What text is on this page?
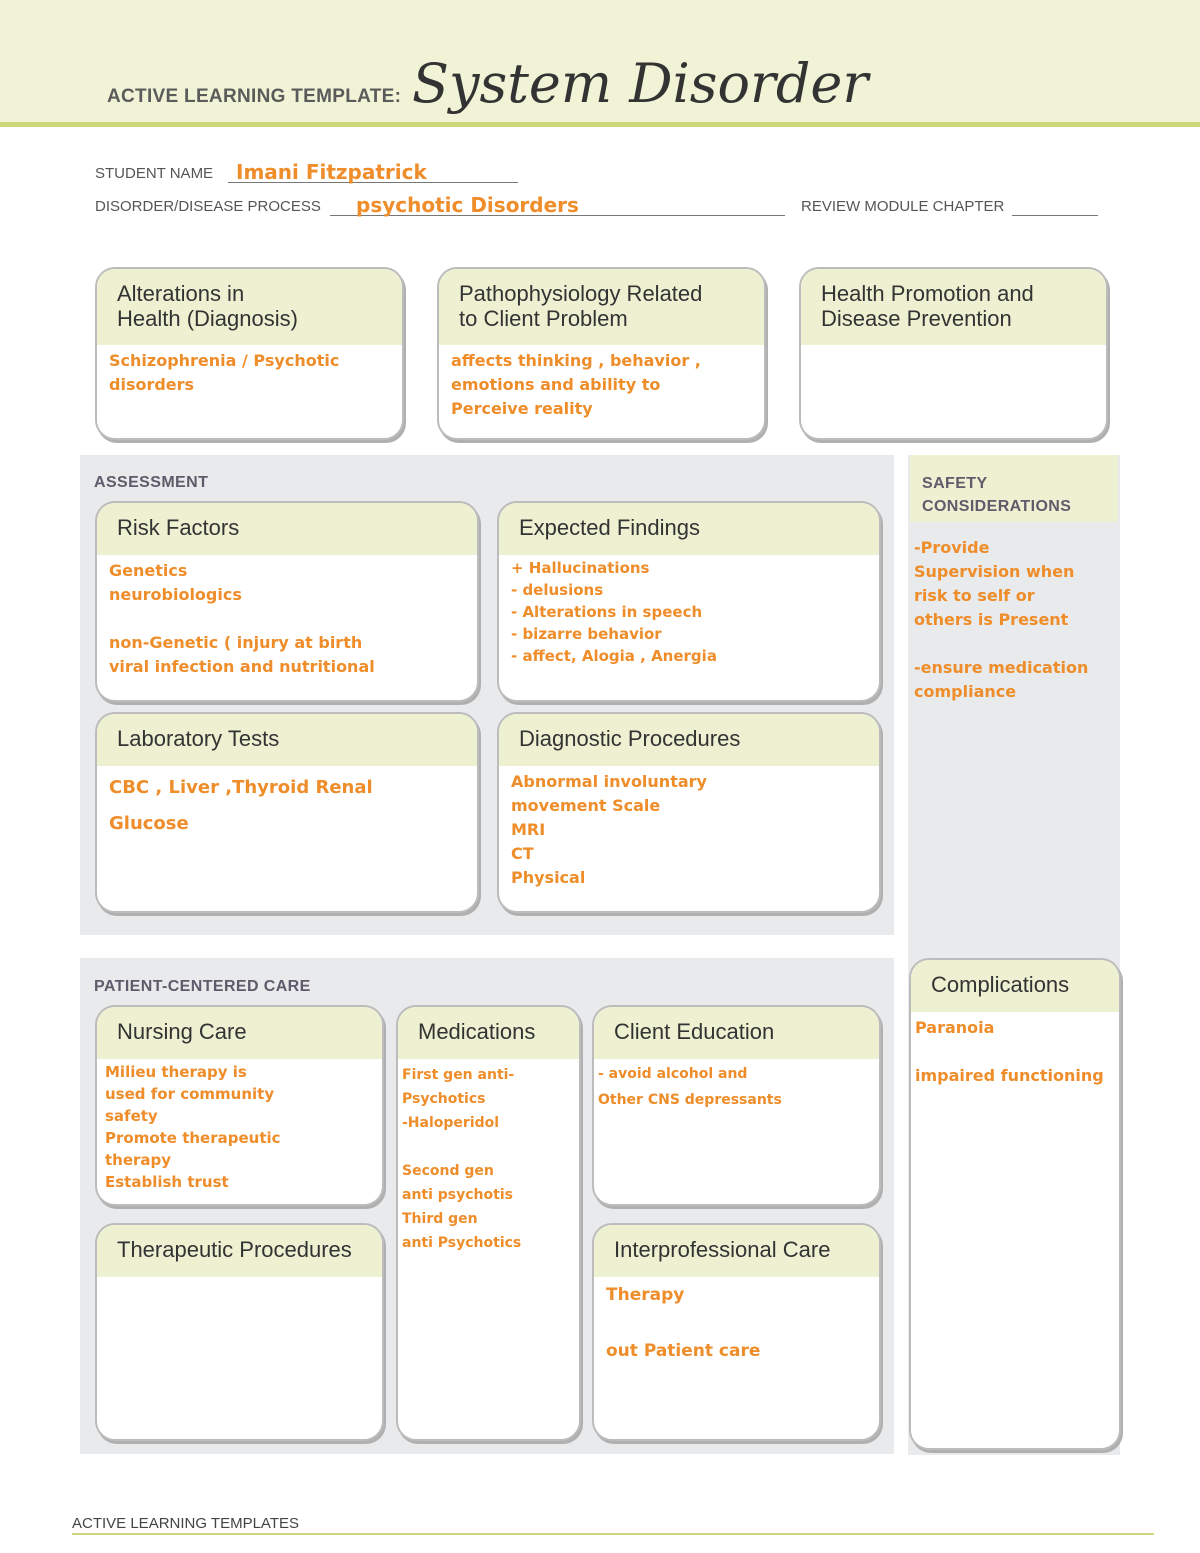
ACTIVE LEARNING TEMPLATE: System Disorder
STUDENT NAME Imani Fitzpatrick
DISORDER/DISEASE PROCESS psychotic Disorders	REVIEW MODULE CHAPTER
Alterations in
Health (Diagnosis)
Schizophrenia / Psychotic
disorders
Pathophysiology Related
to Client Problem
affects thinking , behavior ,
emotions and ability to
Perceive reality
Health Promotion and
Disease Prevention
ASSESSMENT
Risk Factors
Genetics
neurobiologics

non-Genetic ( injury at birth
viral infection and nutritional
Expected Findings
+ Hallucinations
- delusions
- Alterations in speech
- bizarre behavior
- affect, Alogia , Anergia
Laboratory Tests
CBC , Liver ,Thyroid Renal
Glucose
Diagnostic Procedures
Abnormal involuntary
movement Scale
MRI
CT
Physical
SAFETY
CONSIDERATIONS
-Provide
Supervision when
risk to self or
others is Present

-ensure medication
compliance
Complications
Paranoia

impaired functioning
PATIENT-CENTERED CARE
Nursing Care
Milieu therapy is
used for community
safety
Promote therapeutic
therapy
Establish trust
Medications
First gen anti-
Psychotics
-Haloperidol

Second gen
anti psychotis
Third gen
anti Psychotics
Client Education
- avoid alcohol and
Other CNS depressants
Therapeutic Procedures	Interprofessional Care
Therapy

out Patient care
ACTIVE LEARNING TEMPLATES
